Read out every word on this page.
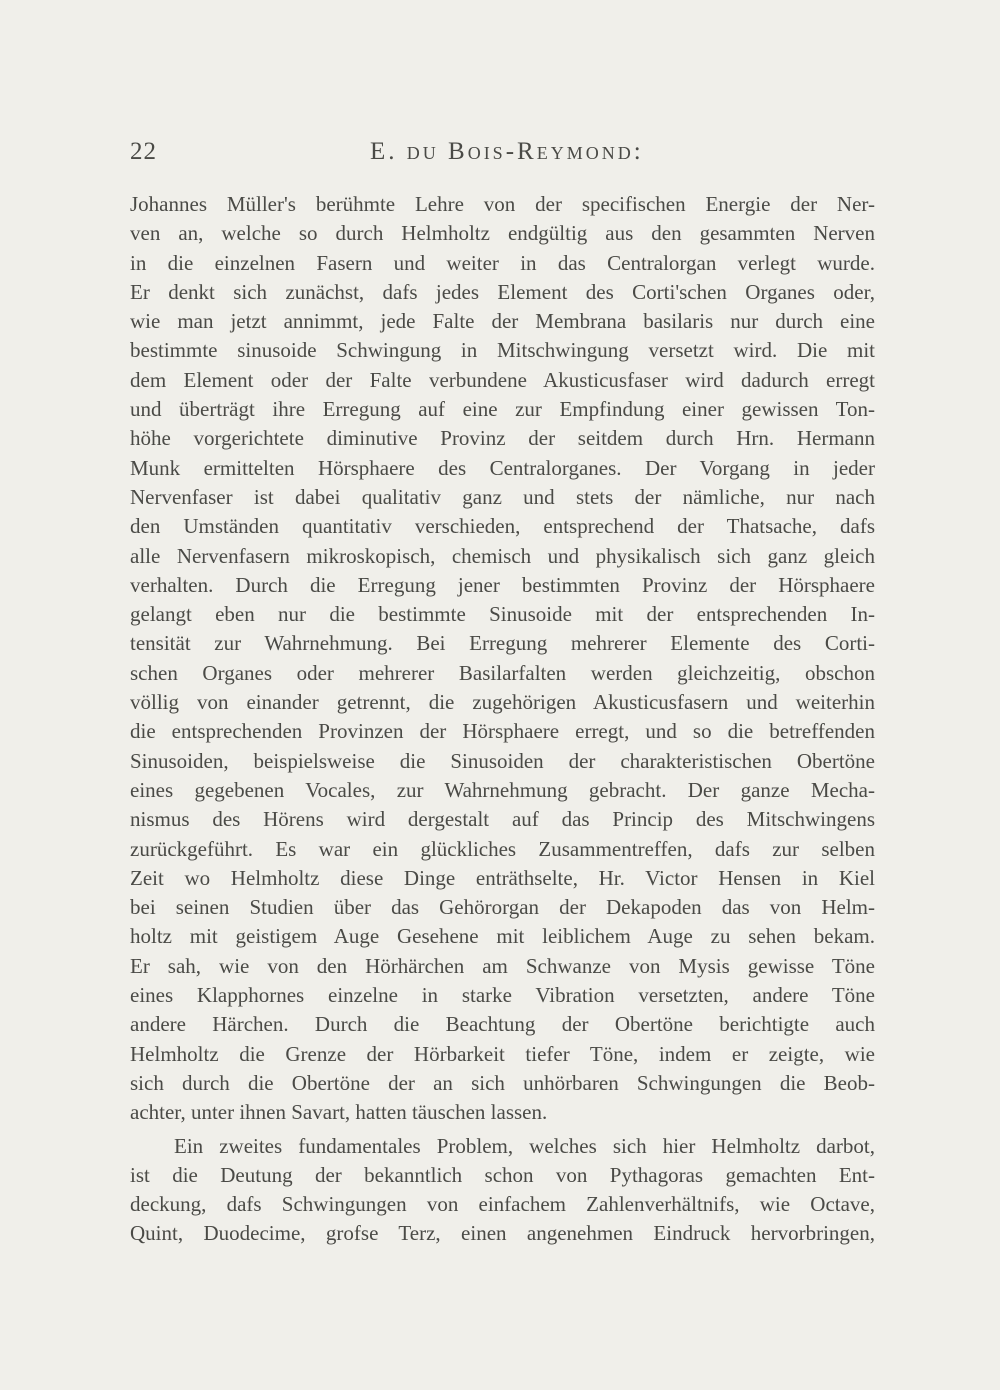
22	E. du Bois-Reymond:
Johannes Müller's berühmte Lehre von der specifischen Energie der Ner-
ven an, welche so durch Helmholtz endgültig aus den gesammten Nerven
in die einzelnen Fasern und weiter in das Centralorgan verlegt wurde.
Er denkt sich zunächst, dafs jedes Element des Corti'schen Organes oder,
wie man jetzt annimmt, jede Falte der Membrana basilaris nur durch eine
bestimmte sinusoide Schwingung in Mitschwingung versetzt wird. Die mit
dem Element oder der Falte verbundene Akusticusfaser wird dadurch erregt
und überträgt ihre Erregung auf eine zur Empfindung einer gewissen Ton-
höhe vorgerichtete diminutive Provinz der seitdem durch Hrn. Hermann
Munk ermittelten Hörsphaere des Centralorganes. Der Vorgang in jeder
Nervenfaser ist dabei qualitativ ganz und stets der nämliche, nur nach
den Umständen quantitativ verschieden, entsprechend der Thatsache, dafs
alle Nervenfasern mikroskopisch, chemisch und physikalisch sich ganz gleich
verhalten. Durch die Erregung jener bestimmten Provinz der Hörsphaere
gelangt eben nur die bestimmte Sinusoide mit der entsprechenden In-
tensität zur Wahrnehmung. Bei Erregung mehrerer Elemente des Corti-
schen Organes oder mehrerer Basilarfalten werden gleichzeitig, obschon
völlig von einander getrennt, die zugehörigen Akusticusfasern und weiterhin
die entsprechenden Provinzen der Hörsphaere erregt, und so die betreffenden
Sinusoiden, beispielsweise die Sinusoiden der charakteristischen Obertöne
eines gegebenen Vocales, zur Wahrnehmung gebracht. Der ganze Mecha-
nismus des Hörens wird dergestalt auf das Princip des Mitschwingens
zurückgeführt. Es war ein glückliches Zusammentreffen, dafs zur selben
Zeit wo Helmholtz diese Dinge enträthselte, Hr. Victor Hensen in Kiel
bei seinen Studien über das Gehörorgan der Dekapoden das von Helm-
holtz mit geistigem Auge Gesehene mit leiblichem Auge zu sehen bekam.
Er sah, wie von den Hörhärchen am Schwanze von Mysis gewisse Töne
eines Klapphornes einzelne in starke Vibration versetzten, andere Töne
andere Härchen. Durch die Beachtung der Obertöne berichtigte auch
Helmholtz die Grenze der Hörbarkeit tiefer Töne, indem er zeigte, wie
sich durch die Obertöne der an sich unhörbaren Schwingungen die Beob-
achter, unter ihnen Savart, hatten täuschen lassen.
Ein zweites fundamentales Problem, welches sich hier Helmholtz darbot,
ist die Deutung der bekanntlich schon von Pythagoras gemachten Ent-
deckung, dafs Schwingungen von einfachem Zahlenverhältnifs, wie Octave,
Quint, Duodecime, grofse Terz, einen angenehmen Eindruck hervorbringen,
